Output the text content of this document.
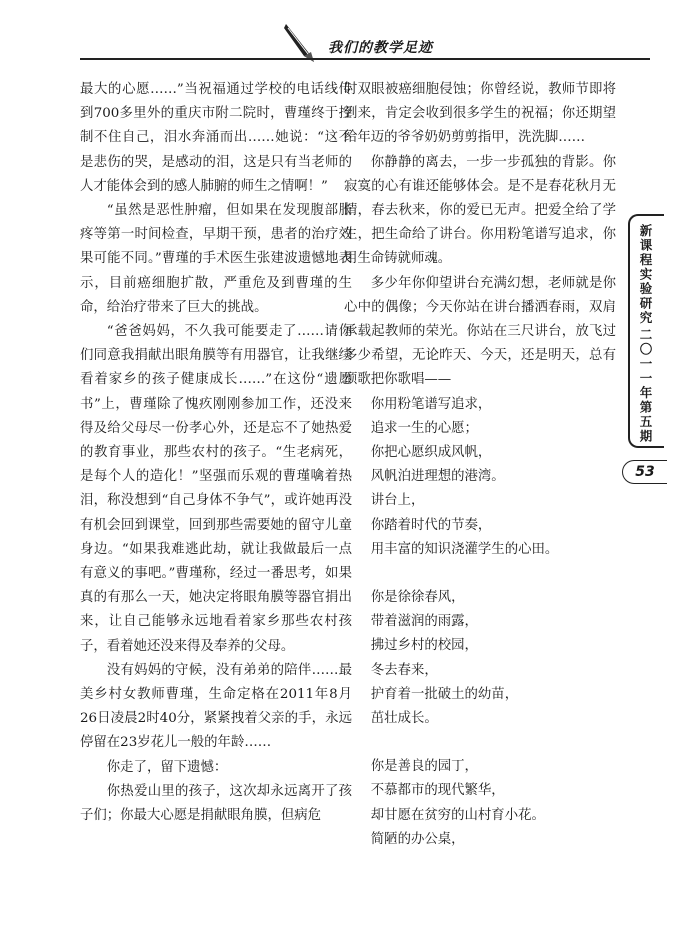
我们的教学足迹

最大的心愿……”当祝福通过学校的电话线传到700多里外的重庆市附二院时，曹瑾终于控制不住自己，泪水奔涌而出……她说：“这不是悲伤的哭，是感动的泪，这是只有当老师的人才能体会到的感人肺腑的师生之情啊！”

“虽然是恶性肿瘤，但如果在发现腹部胀疼等第一时间检查，早期干预，患者的治疗效果可能不同。”曹瑾的手术医生张建波遗憾地表示，目前癌细胞扩散，严重危及到曹瑾的生命，给治疗带来了巨大的挑战。

“爸爸妈妈，不久我可能要走了……请你们同意我捐献出眼角膜等有用器官，让我继续看着家乡的孩子健康成长……”在这份“遗愿书”上，曹瑾除了愧疚刚刚参加工作，还没来得及给父母尽一份孝心外，还是忘不了她热爱的教育事业，那些农村的孩子。“生老病死，是每个人的造化！”坚强而乐观的曹瑾噙着热泪，称没想到“自己身体不争气”，或许她再没有机会回到课堂，回到那些需要她的留守儿童身边。“如果我难逃此劫，就让我做最后一点有意义的事吧。”曹瑾称，经过一番思考，如果真的有那么一天，她决定将眼角膜等器官捐出来，让自己能够永远地看着家乡那些农村孩子，看着她还没来得及奉养的父母。

没有妈妈的守候，没有弟弟的陪伴……最美乡村女教师曹瑾，生命定格在2011年8月26日凌晨2时40分，紧紧拽着父亲的手，永远停留在23岁花儿一般的年龄……

你走了，留下遗憾：

你热爱山里的孩子，这次却永远离开了孩子们；你最大心愿是捐献眼角膜，但病危

时双眼被癌细胞侵蚀；你曾经说，教师节即将到来，肯定会收到很多学生的祝福；你还期望给年迈的爷爷奶奶剪剪指甲，洗洗脚……

你静静的离去，一步一步孤独的背影。你寂寞的心有谁还能够体会。是不是春花秋月无情，春去秋来，你的爱已无声。把爱全给了学生，把生命给了讲台。你用粉笔谱写追求，你用生命铸就师魂。

多少年你仰望讲台充满幻想，老师就是你心中的偶像；今天你站在讲台播洒春雨，双肩承载起教师的荣光。你站在三尺讲台，放飞过多少希望，无论昨天、今天，还是明天，总有颂歌把你歌唱——

你用粉笔谱写追求，
追求一生的心愿；
你把心愿织成风帆，
风帆泊进理想的港湾。
讲台上，
你踏着时代的节奏，
用丰富的知识浇灌学生的心田。
你是徐徐春风，
带着滋润的雨露，
拂过乡村的校园，
冬去春来，
护育着一批破土的幼苗，
茁壮成长。
你是善良的园丁，
不慕都市的现代繁华，
却甘愿在贫穷的山村育小花。
简陋的办公桌，
新课程实验研究
二〇一一年第五期
53
